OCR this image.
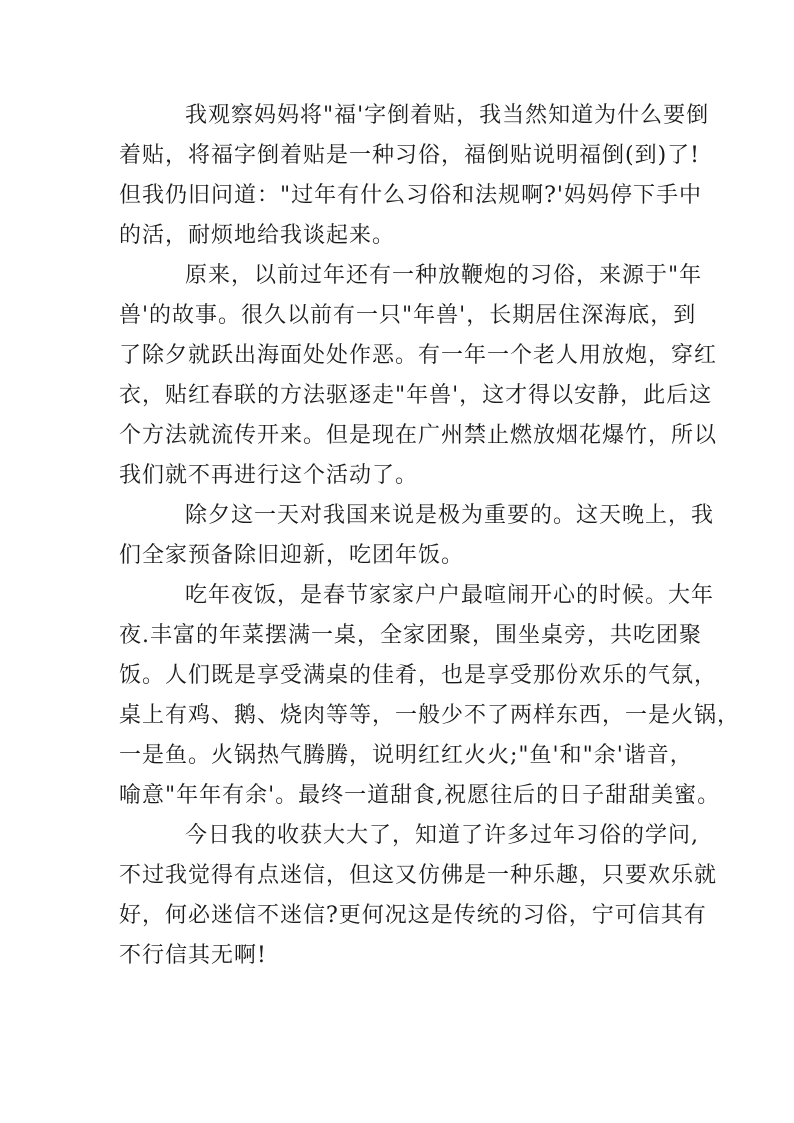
我观察妈妈将"福'字倒着贴，我当然知道为什么要倒
着贴，将福字倒着贴是一种习俗，福倒贴说明福倒(到)了!
但我仍旧问道："过年有什么习俗和法规啊?'妈妈停下手中
的活，耐烦地给我谈起来。
原来，以前过年还有一种放鞭炮的习俗，来源于"年
兽'的故事。很久以前有一只"年兽'，长期居住深海底，到
了除夕就跃出海面处处作恶。有一年一个老人用放炮，穿红
衣，贴红春联的方法驱逐走"年兽'，这才得以安静，此后这
个方法就流传开来。但是现在广州禁止燃放烟花爆竹，所以
我们就不再进行这个活动了。
除夕这一天对我国来说是极为重要的。这天晚上，我
们全家预备除旧迎新，吃团年饭。
吃年夜饭，是春节家家户户最喧闹开心的时候。大年
夜.丰富的年菜摆满一桌，全家团聚，围坐桌旁，共吃团聚
饭。人们既是享受满桌的佳肴，也是享受那份欢乐的气氛，
桌上有鸡、鹅、烧肉等等，一般少不了两样东西，一是火锅，
一是鱼。火锅热气腾腾，说明红红火火;"鱼'和"余'谐音，
喻意"年年有余'。最终一道甜食,祝愿往后的日子甜甜美蜜。
今日我的收获大大了，知道了许多过年习俗的学问,
不过我觉得有点迷信，但这又仿佛是一种乐趣，只要欢乐就
好，何必迷信不迷信?更何况这是传统的习俗，宁可信其有
不行信其无啊!
